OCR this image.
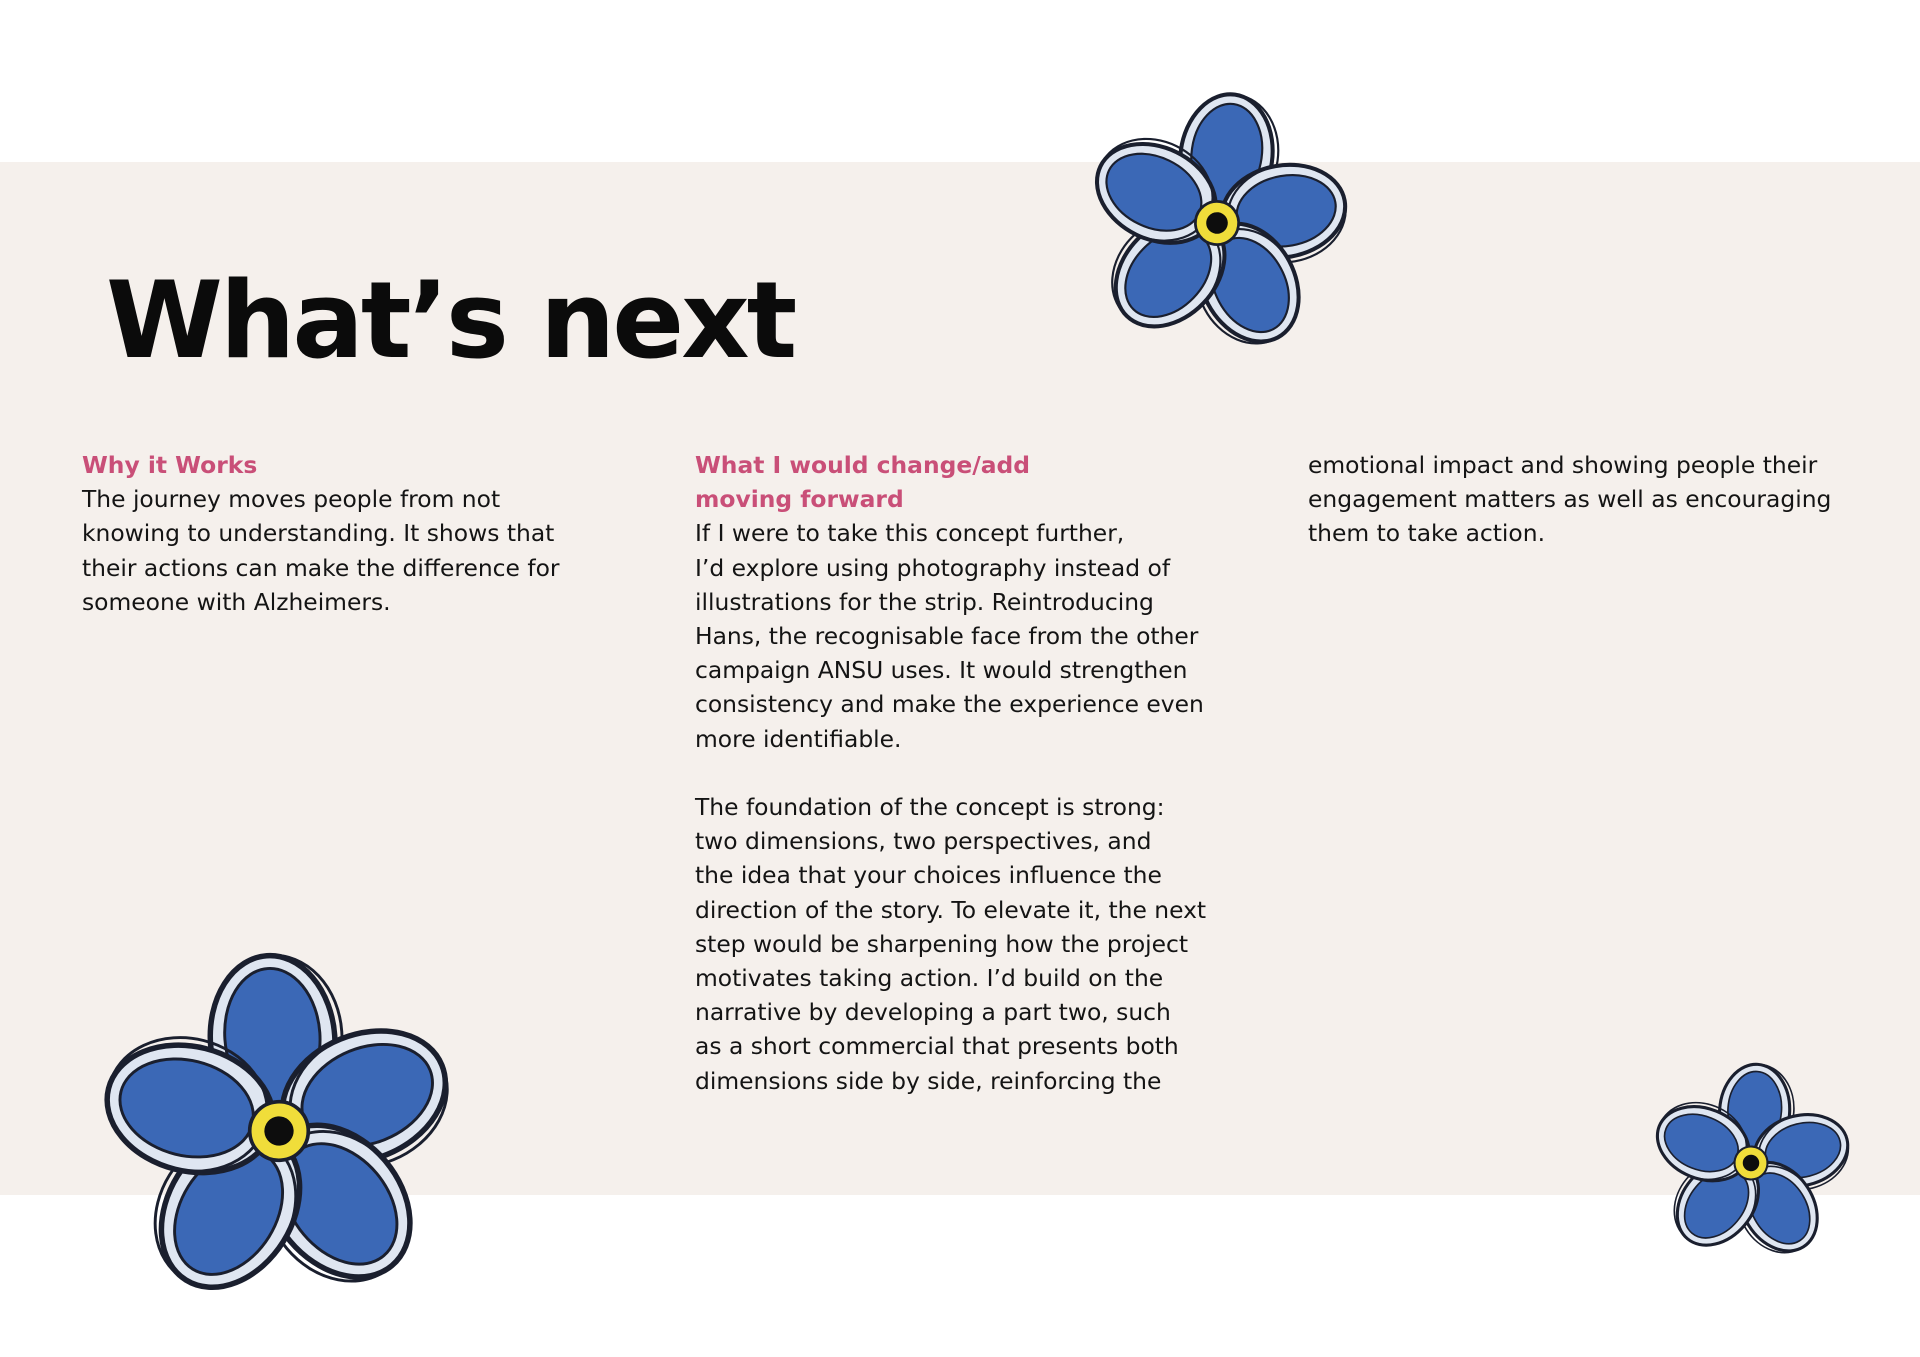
What’s next
Why it Works
The journey moves people from not
knowing to understanding. It shows that
their actions can make the difference for
someone with Alzheimers.
What I would change/add
moving forward
If I were to take this concept further,
I’d explore using photography instead of
illustrations for the strip. Reintroducing
Hans, the recognisable face from the other
campaign ANSU uses. It would strengthen
consistency and make the experience even
more identifiable.
The foundation of the concept is strong:
two dimensions, two perspectives, and
the idea that your choices influence the
direction of the story. To elevate it, the next
step would be sharpening how the project
motivates taking action. I’d build on the
narrative by developing a part two, such
as a short commercial that presents both
dimensions side by side, reinforcing the
emotional impact and showing people their
engagement matters as well as encouraging
them to take action.
